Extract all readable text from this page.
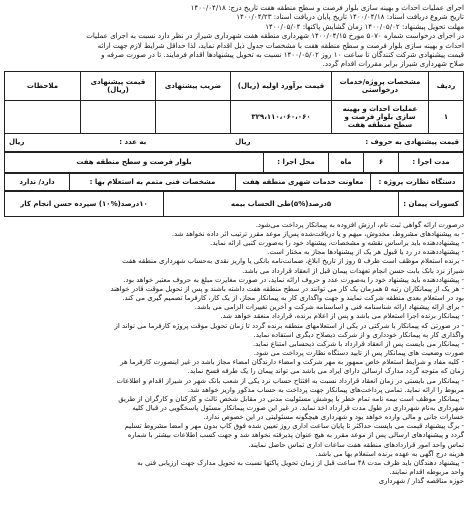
اجرای عملیات احداث و بهینه سازی بلوار فرصت و سطح منطقه هفت تاریخ درج: ۱۴۰۰/۰۴/۱۸
تاریخ شروع دریافت اسناد: ۱۴۰۰/۰۴/۱۸ تاریخ پایان دریافت اسناد: ۱۴۰۰/۰۴/۲۳
مهلت تحویل پیشنهاد: ۱۴۰۰/۰۵/۰۲ زمان گشایش پاکتها: ۱۴۰۰/۰۵/۰۴
در اجرای درخواست شماره ۵۰۷۰ مورخ ۱۴۰۰/۰۴/۱۵ شهرداری منطقه هفت شهرداری شیراز در نظر دارد نسبت به اجرای عملیات
احداث و بهینه سازی بلوار فرصت و سطح منطقه هفت با مشخصات جدول ذیل اقدام نماید، لذا حداقل شرایط لازم جهت ارائه
قیمت پیشنهادی شرکت کنندگان تا ساعت ۱۰ روز ۱۴۰۰/۰۵/۰۲ نسبت به تحویل پیشنهادها اقدام فرمایند. تا در صورت صرفه و
صلاح شهرداری شیراز برابر مقررات اقدام گردد.
ردیف	مشخصات پروژه/خدمات درخواستی	قیمت برآورد اولیه (ریال)	ضریب پیشنهادی	قیمت پیشنهادی (ریال)	ملاحظات
۱	عملیات احداث و بهینه سازی بلوار فرصت و سطح منطقه هفت	۳۲۹،۱۱۰،۰۶۰،۰۶۰			
قیمت پیشنهادی به حروف :  ریال
به عدد :  ریال
مدت اجرا :	۶	ماه	محل اجرا :	بلوار فرصت و سطح منطقه هفت
دستگاه نظارت پروژه :	معاونت خدمات شهری منطقه هفت	مشخصات فنی متمم به استعلام بها :	دارد/ ندارد
کسورات پیمان :	۵درصد(%۵)طی الحساب بیمه	۱۰درصد(%۱۰) سپرده حسن انجام کار
درصورت ارائه گواهی ثبت نام، ارزش افزوده به پیمانکار پرداخت می‌شود.
- به پیشنهادهای مشروط، مخدوش، مبهم و یا دریافت‌شده پس‌از موعد مقرر ترتیب اثر داده نخواهد شد.
- پیشنهاددهنده باید براساس نقشه و مشخصات، پیشنهاد خود را به‌صورت کتبی ارائه نماید.
- پیشنهاددهنده در رد یا قبول هر یک از پیشنهادها مجاز به مختار است.
- برنده استعلام موظف است ظرف ۵ روز از تاریخ ابلاغ، ضمانت‌نامه بانکی یا واریز نقدی به‌حساب شهرداری منطقه هفت
شیراز نزد بانک بابت حسن انجام تعهدات پیمان قبل از انعقاد قرارداد می باشد.
- پیشنهاددهنده باید پیشنهاد خود را به‌صورت عدد و حروف ارائه نماید، در صورت مغایرت مبلغ به حروف معتبر خواهد بود.
- هر یک از پیمانکاران رتبه ۵ همزمان یک کار می توانند در سطح منطقه هفت داشته باشند و پس از تحویل موقت قادر خواهند
بود در استعلام بعدی منطقه شرکت نمایند و جهت واگذاری کار به پیمانکار مجاز، از یک کار، کارفرما تصمیم گیری می کند.
- برای ارائه پیشنهاد ارائه شناسنامه فنی و اساسنامه شرکت و آخرین تغییرات الزامی می باشد.
- پیمانکار برنده اجرا استعلام می باشد و پس از اعلام برنده، قرارداد منعقد خواهد شد.
- در صورتی که پیمانکار با شرکتی در یکی از استعلامهای منطقه برنده گردد تا زمان تحویل موقت پروژه کارفرما می تواند از
واگذاری کار به پیمانکار خودداری و از شرکت ذیصلاح دیگری استفاده نماید.
- پیمانکار می بایست پس از انعقاد قرارداد با شرکت ذیحسابی امتناع نماید.
صورت وضعیت های پیمانکار پس از تایید دستگاه نظارت پرداخت می شود.
- کلیه مفاد و شرایط استعلام خاص ممهور به مهر شرکت و امضاء دارندگان امضاء مجاز باشد در غیر اینصورت کارفرما هر
زمان که متوجه گردد مدارک ارسالی دارای ایراد می باشد می تواند پیمان را یک طرفه فسخ نماید.
- پیمانکار می بایستی در زمان انعقاد قرارداد نسبت به افتتاح حساب نزد یکی از شعب بانک شهر در شیراز اقدام و اطلاعات
مربوط را ارائه نماید. تمامی پرداخت‌های پیمانکار جهت پرداخت به حساب مذکور واریز خواهد شد.
- پیمانکار موظف است بیمه نامه تمام خطر با پوشش مسئولیت مدنی در مقابل شخص ثالث و کارکنان و کارگران از طریق
شهرداری به‌نام شهرداری در طول مدت قرارداد اخذ نماید. در غیر این صورت پیمانکار مسئول پاسخگویی در قبال کلیه
خسارات جانی و مالی وارده خواهد بود و شهرداری هیچگونه مسئولیتی در این خصوص ندارد.
- برگ پیشنهاد قیمت می بایست حداکثر تا پایان ساعت اداری روز تعیین شده فوق کاپ بدون مهر و امضا مشروط تسلیم
گردد و پیشنهادهای ارسالی پس از موعد مقرر به هیچ عنوان پذیرفته نخواهد شد و جهت کسب اطلاعات بیشتر با شماره
تماس واحد امور قراردادهای منطقه هفت ساعات اداری تماس حاصل نمایند.
هزینه درج آگهی به عهده برنده استعلام بها می باشد.
- پیشنهاد دهندگان باید ظرف مدت ۴۸ ساعت قبل از زمان تحویل پاکتها نسبت به تحویل مدارک جهت ارزیابی فنی به
واحد مربوطه اقدام نمایند.
حوزه مناقصه گذار / شهرداری
